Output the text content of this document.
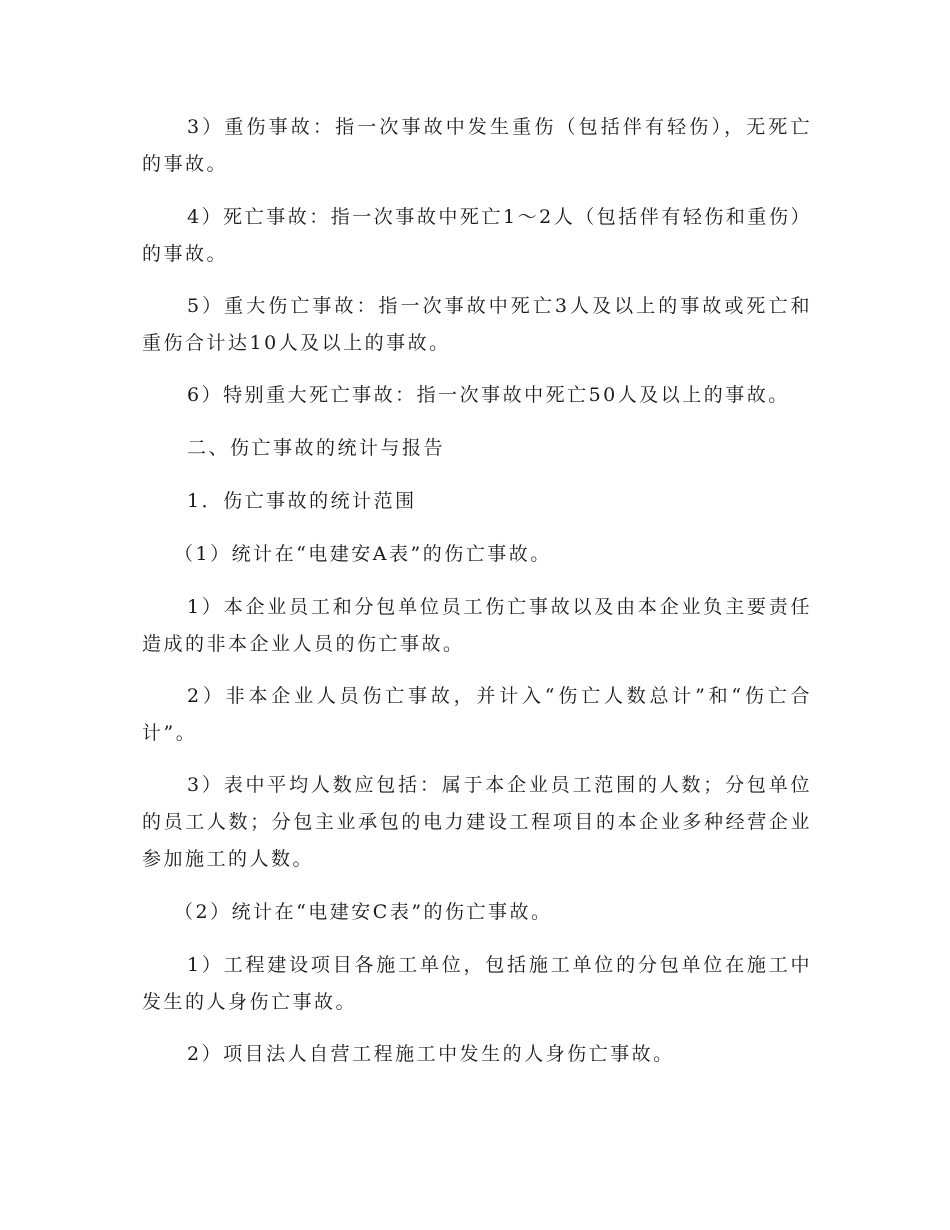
3）重伤事故：指一次事故中发生重伤（包括伴有轻伤），无死亡的事故。

4）死亡事故：指一次事故中死亡1～2人（包括伴有轻伤和重伤）的事故。

5）重大伤亡事故：指一次事故中死亡3人及以上的事故或死亡和重伤合计达10人及以上的事故。

6）特别重大死亡事故：指一次事故中死亡50人及以上的事故。

二、伤亡事故的统计与报告

1．伤亡事故的统计范围

（1）统计在“电建安A表”的伤亡事故。

1）本企业员工和分包单位员工伤亡事故以及由本企业负主要责任造成的非本企业人员的伤亡事故。

2）非本企业人员伤亡事故，并计入“伤亡人数总计”和“伤亡合计”。

3）表中平均人数应包括：属于本企业员工范围的人数；分包单位的员工人数；分包主业承包的电力建设工程项目的本企业多种经营企业参加施工的人数。

（2）统计在“电建安C表”的伤亡事故。

1）工程建设项目各施工单位，包括施工单位的分包单位在施工中发生的人身伤亡事故。

2）项目法人自营工程施工中发生的人身伤亡事故。
